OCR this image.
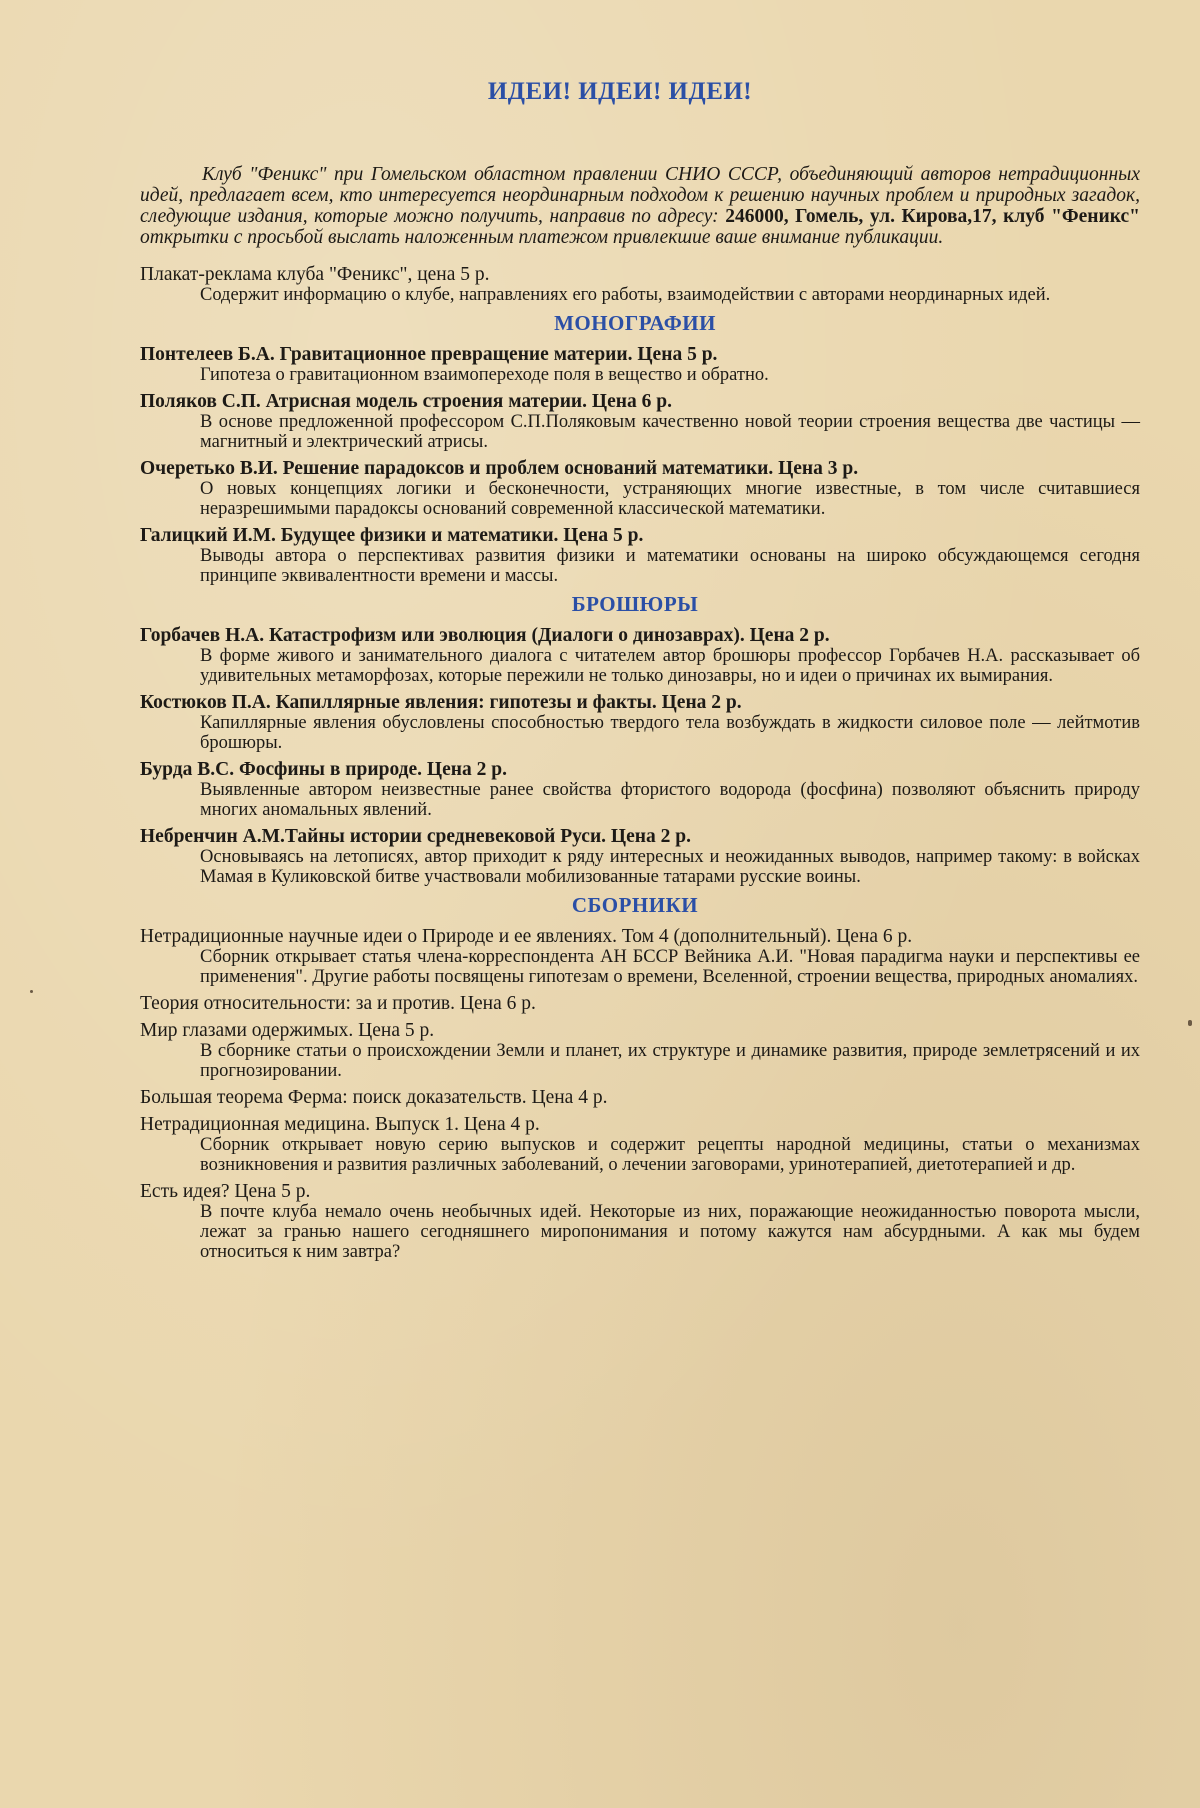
ИДЕИ! ИДЕИ! ИДЕИ!

Клуб "Феникс" при Гомельском областном правлении СНИО СССР, объединяющий авторов нетрадиционных идей, предлагает всем, кто интересуется неординарным подходом к решению научных проблем и природных загадок, следующие издания, которые можно получить, направив по адресу: 246000, Гомель, ул. Кирова,17, клуб "Феникс" открытки с просьбой выслать наложенным платежом привлекшие ваше внимание публикации.

Плакат-реклама клуба "Феникс", цена 5 р.
Содержит информацию о клубе, направлениях его работы, взаимодействии с авторами неординарных идей.
МОНОГРАФИИ
Понтелеев Б.А. Гравитационное превращение материи. Цена 5 р.
Гипотеза о гравитационном взаимопереходе поля в вещество и обратно.
Поляков С.П. Атрисная модель строения материи. Цена 6 р.
В основе предложенной профессором С.П.Поляковым качественно новой теории строения вещества две частицы — магнитный и электрический атрисы.
Очеретько В.И. Решение парадоксов и проблем оснований математики. Цена 3 р.
О новых концепциях логики и бесконечности, устраняющих многие известные, в том числе считавшиеся неразрешимыми парадоксы оснований современной классической математики.
Галицкий И.М. Будущее физики и математики. Цена 5 р.
Выводы автора о перспективах развития физики и математики основаны на широко обсуждающемся сегодня принципе эквивалентности времени и массы.
БРОШЮРЫ
Горбачев Н.А. Катастрофизм или эволюция (Диалоги о динозаврах). Цена 2 р.
В форме живого и занимательного диалога с читателем автор брошюры профессор Горбачев Н.А. рассказывает об удивительных метаморфозах, которые пережили не только динозавры, но и идеи о причинах их вымирания.
Костюков П.А. Капиллярные явления: гипотезы и факты. Цена 2 р.
Капиллярные явления обусловлены способностью твердого тела возбуждать в жидкости силовое поле — лейтмотив брошюры.
Бурда В.С. Фосфины в природе. Цена 2 р.
Выявленные автором неизвестные ранее свойства фтористого водорода (фосфина) позволяют объяснить природу многих аномальных явлений.
Небренчин А.М.Тайны истории средневековой Руси. Цена 2 р.
Основываясь на летописях, автор приходит к ряду интересных и неожиданных выводов, например такому: в войсках Мамая в Куликовской битве участвовали мобилизованные татарами русские воины.
СБОРНИКИ
Нетрадиционные научные идеи о Природе и ее явлениях. Том 4 (дополнительный). Цена 6 р.
Сборник открывает статья члена-корреспондента АН БССР Вейника А.И. "Новая парадигма науки и перспективы ее применения". Другие работы посвящены гипотезам о времени, Вселенной, строении вещества, природных аномалиях.
Теория относительности: за и против. Цена 6 р.
Мир глазами одержимых. Цена 5 р.
В сборнике статьи о происхождении Земли и планет, их структуре и динамике развития, природе землетрясений и их прогнозировании.
Большая теорема Ферма: поиск доказательств. Цена 4 р.
Нетрадиционная медицина. Выпуск 1. Цена 4 р.
Сборник открывает новую серию выпусков и содержит рецепты народной медицины, статьи о механизмах возникновения и развития различных заболеваний, о лечении заговорами, уринотерапией, диетотерапией и др.
Есть идея? Цена 5 р.
В почте клуба немало очень необычных идей. Некоторые из них, поражающие неожиданностью поворота мысли, лежат за гранью нашего сегодняшнего миропонимания и потому кажутся нам абсурдными. А как мы будем относиться к ним завтра?
